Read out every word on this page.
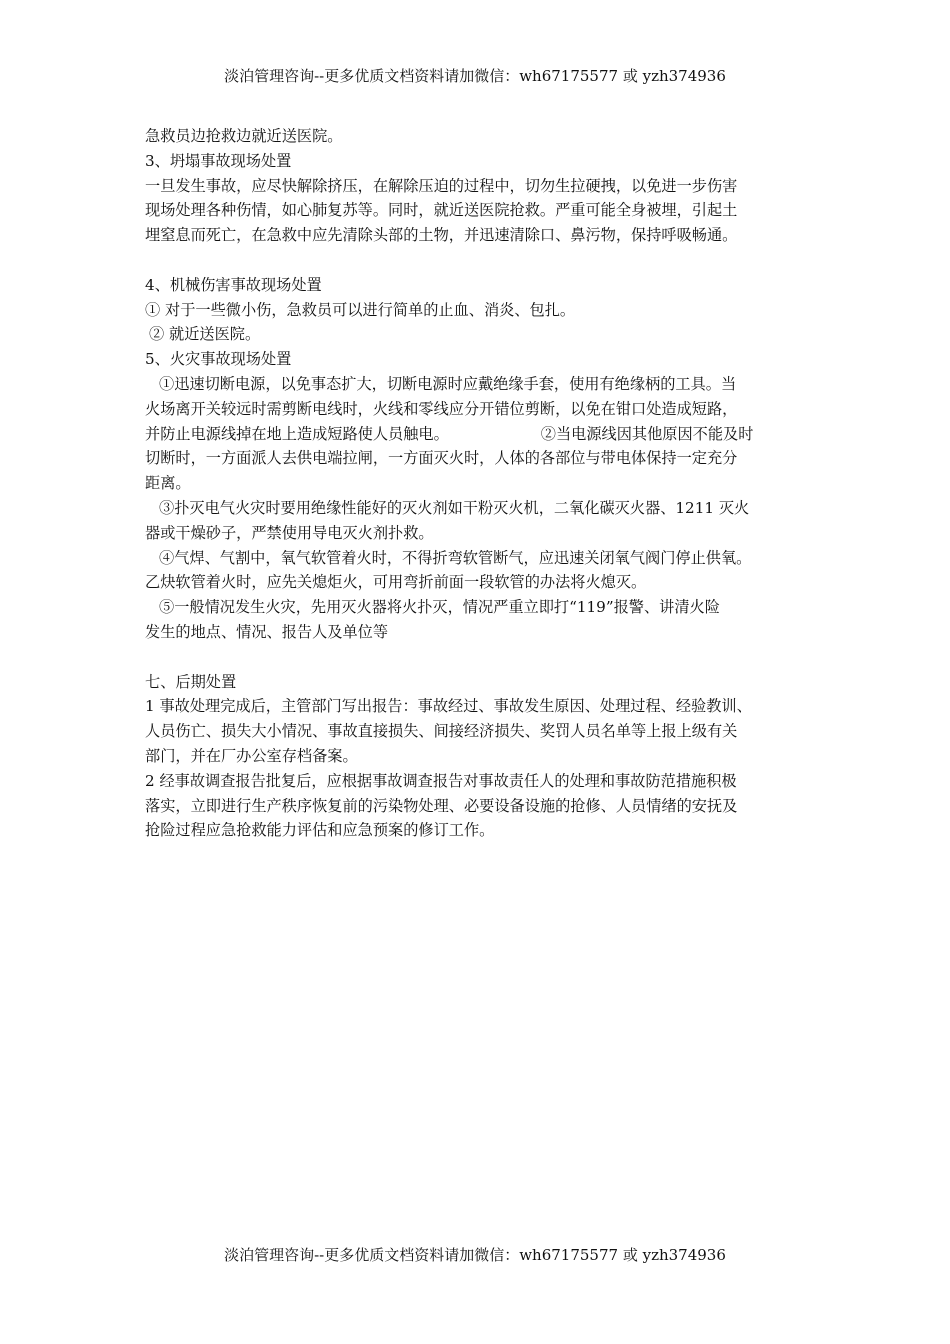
淡泊管理咨询--更多优质文档资料请加微信：wh67175577 或 yzh374936
急救员边抢救边就近送医院。
3、坍塌事故现场处置
一旦发生事故，应尽快解除挤压，在解除压迫的过程中，切勿生拉硬拽，以免进一步伤害
现场处理各种伤情，如心肺复苏等。同时，就近送医院抢救。严重可能全身被埋，引起土
埋窒息而死亡，在急救中应先清除头部的土物，并迅速清除口、鼻污物，保持呼吸畅通。
4、机械伤害事故现场处置
① 对于一些微小伤，急救员可以进行简单的止血、消炎、包扎。
② 就近送医院。
5、火灾事故现场处置
①迅速切断电源，以免事态扩大，切断电源时应戴绝缘手套，使用有绝缘柄的工具。当
火场离开关较远时需剪断电线时，火线和零线应分开错位剪断，以免在钳口处造成短路，
并防止电源线掉在地上造成短路使人员触电。	②当电源线因其他原因不能及时
切断时，一方面派人去供电端拉闸，一方面灭火时，人体的各部位与带电体保持一定充分
距离。
③扑灭电气火灾时要用绝缘性能好的灭火剂如干粉灭火机，二氧化碳灭火器、1211 灭火
器或干燥砂子，严禁使用导电灭火剂扑救。
④气焊、气割中，氧气软管着火时，不得折弯软管断气，应迅速关闭氧气阀门停止供氧。
乙炔软管着火时，应先关熄炬火，可用弯折前面一段软管的办法将火熄灭。
⑤一般情况发生火灾，先用灭火器将火扑灭，情况严重立即打“119”报警、讲清火险
发生的地点、情况、报告人及单位等
七、后期处置
1 事故处理完成后，主管部门写出报告：事故经过、事故发生原因、处理过程、经验教训、
人员伤亡、损失大小情况、事故直接损失、间接经济损失、奖罚人员名单等上报上级有关
部门，并在厂办公室存档备案。
2 经事故调查报告批复后，应根据事故调查报告对事故责任人的处理和事故防范措施积极
落实，立即进行生产秩序恢复前的污染物处理、必要设备设施的抢修、人员情绪的安抚及
抢险过程应急抢救能力评估和应急预案的修订工作。
淡泊管理咨询--更多优质文档资料请加微信：wh67175577 或 yzh374936
